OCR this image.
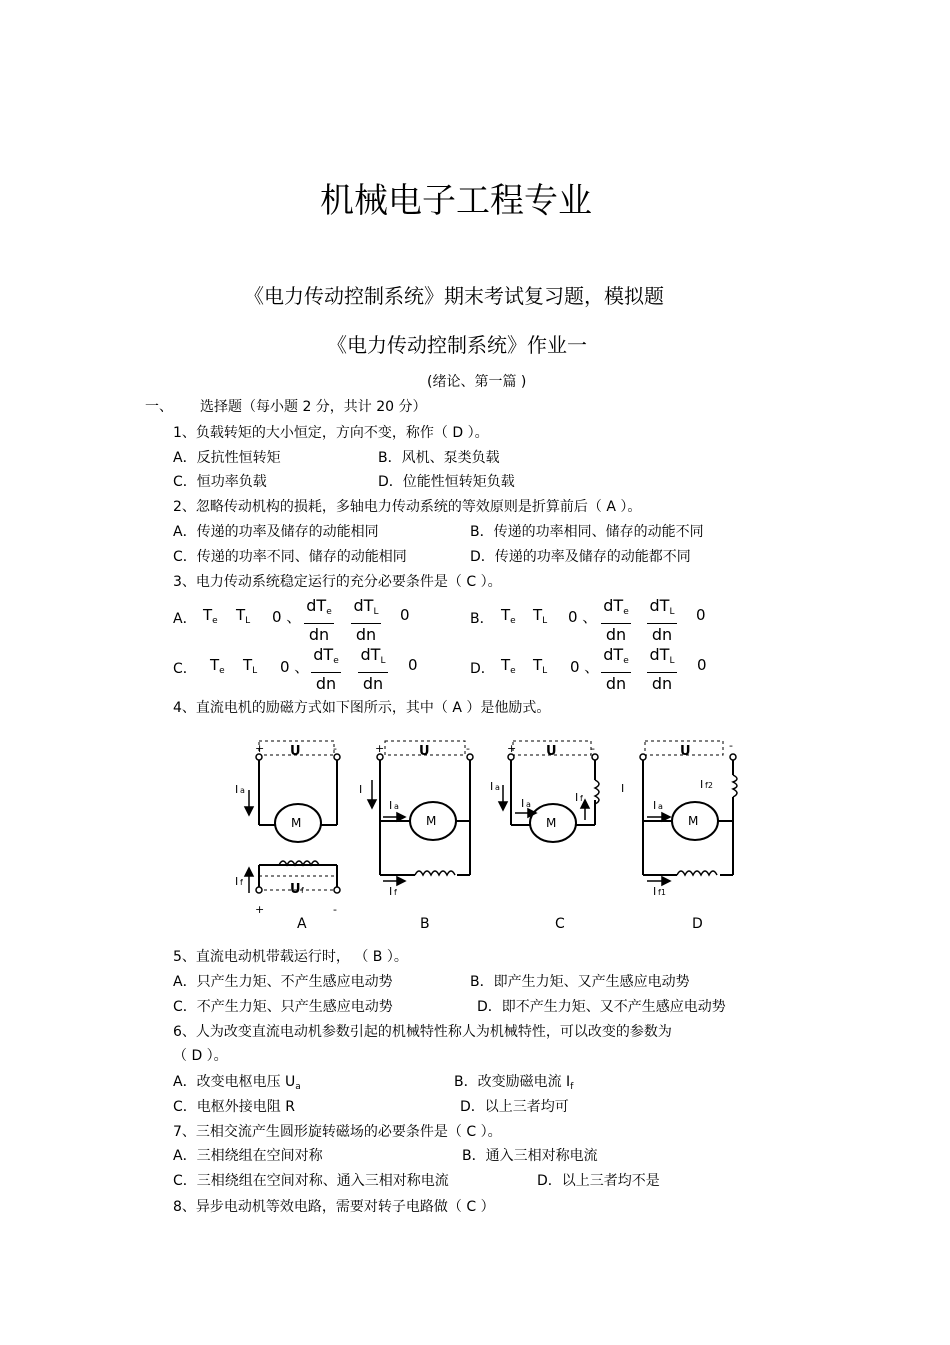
机械电子工程专业
《电力传动控制系统》期末考试复习题，模拟题
《电力传动控制系统》作业一
(绪论、第一篇 )
一、 选择题（每小题 2 分，共计 20 分）
1、负载转矩的大小恒定，方向不变，称作（ D ）。
A．反抗性恒转矩	B．风机、泵类负载
C．恒功率负载	D．位能性恒转矩负载
2、忽略传动机构的损耗，多轴电力传动系统的等效原则是折算前后（ A ）。
A．传递的功率及储存的动能相同	B．传递的功率相同、储存的动能不同
C．传递的功率不同、储存的动能相同	D．传递的功率及储存的动能都不同
3、电力传动系统稳定运行的充分必要条件是（ C ）。
A． $T_e$ $T_L$ 0 、
$dT_e$
dn
$dT_L$
dn
0	B． $T_e$ $T_L$ 0 、
$dT_e$
dn
$dT_L$
dn
0
C． $T_e$ $T_L$ 0 、
$dT_e$
dn
$dT_L$
dn
0	D． $T_e$ $T_L$ 0 、
$dT_e$
dn
$dT_L$
dn
0
4、直流电机的励磁方式如下图所示，其中（ A ）是他励式。
U	U	U	U
U f
M	M	M	M
+	-
+	-
+	-	+	-	-
I a
I f
I
I a
I f
I a
I a
I f
I
I a
I f2
I f1
A	B	C	D
5、直流电动机带载运行时， （ B ）。
A．只产生力矩、不产生感应电动势	B．即产生力矩、又产生感应电动势
C．不产生力矩、只产生感应电动势	D．即不产生力矩、又不产生感应电动势
6、人为改变直流电动机参数引起的机械特性称人为机械特性，可以改变的参数为
（ D ）。
A．改变电枢电压 $U_a$	B．改变励磁电流 $I_f$
C．电枢外接电阻 R	D．以上三者均可
7、三相交流产生圆形旋转磁场的必要条件是（ C ）。
A．三相绕组在空间对称	B．通入三相对称电流
C．三相绕组在空间对称、通入三相对称电流	D．以上三者均不是
8、异步电动机等效电路，需要对转子电路做（ C ）
